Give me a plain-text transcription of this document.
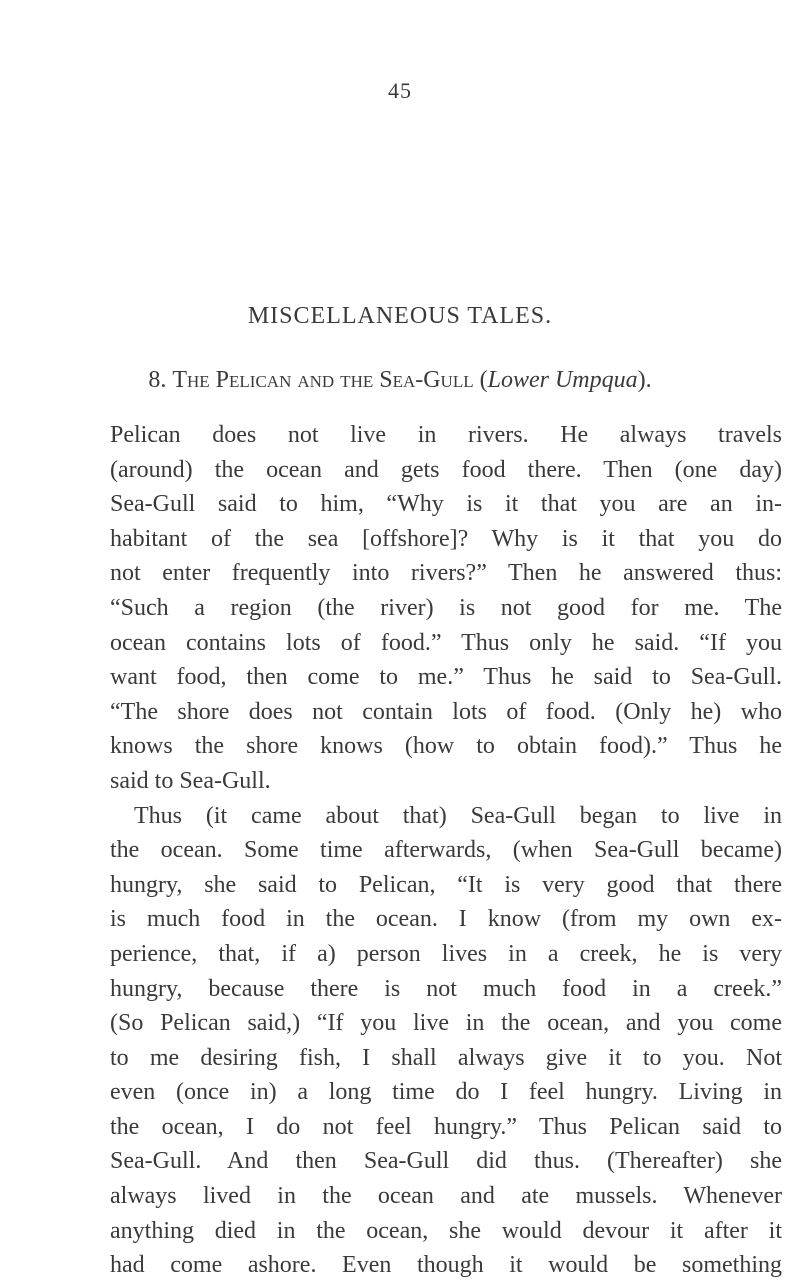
45
MISCELLANEOUS TALES.
8. The Pelican and the Sea-Gull (Lower Umpqua).
Pelican does not live in rivers. He always travels
(around) the ocean and gets food there. Then (one day)
Sea-Gull said to him, “Why is it that you are an in-
habitant of the sea [offshore]? Why is it that you do
not enter frequently into rivers?” Then he answered thus:
“Such a region (the river) is not good for me. The
ocean contains lots of food.” Thus only he said. “If you
want food, then come to me.” Thus he said to Sea-Gull.
“The shore does not contain lots of food. (Only he) who
knows the shore knows (how to obtain food).” Thus he
said to Sea-Gull.
Thus (it came about that) Sea-Gull began to live in
the ocean. Some time afterwards, (when Sea-Gull became)
hungry, she said to Pelican, “It is very good that there
is much food in the ocean. I know (from my own ex-
perience, that, if a) person lives in a creek, he is very
hungry, because there is not much food in a creek.”
(So Pelican said,) “If you live in the ocean, and you come
to me desiring fish, I shall always give it to you. Not
even (once in) a long time do I feel hungry. Living in
the ocean, I do not feel hungry.” Thus Pelican said to
Sea-Gull. And then Sea-Gull did thus. (Thereafter) she
always lived in the ocean and ate mussels. Whenever
anything died in the ocean, she would devour it after it
had come ashore. Even though it would be something
